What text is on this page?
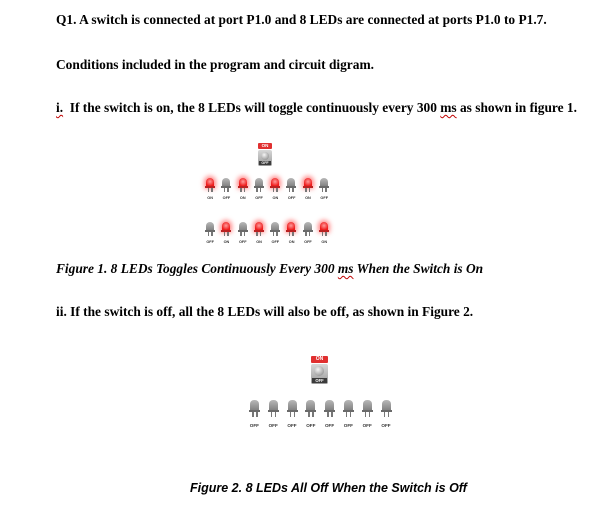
Q1. A switch is connected at port P1.0 and 8 LEDs are connected at ports P1.0 to P1.7.
Conditions included in the program and circuit digram.
i. If the switch is on, the 8 LEDs will toggle continuously every 300 ms as shown in figure 1.
ON
OFF
ON	OFF	ON	OFF	ON	OFF	ON	OFF
OFF	ON	OFF	ON	OFF	ON	OFF	ON
Figure 1. 8 LEDs Toggles Continuously Every 300 ms When the Switch is On
ii. If the switch is off, all the 8 LEDs will also be off, as shown in Figure 2.
ON
OFF
OFF	OFF	OFF	OFF	OFF	OFF	OFF	OFF
Figure 2. 8 LEDs All Off When the Switch is Off
